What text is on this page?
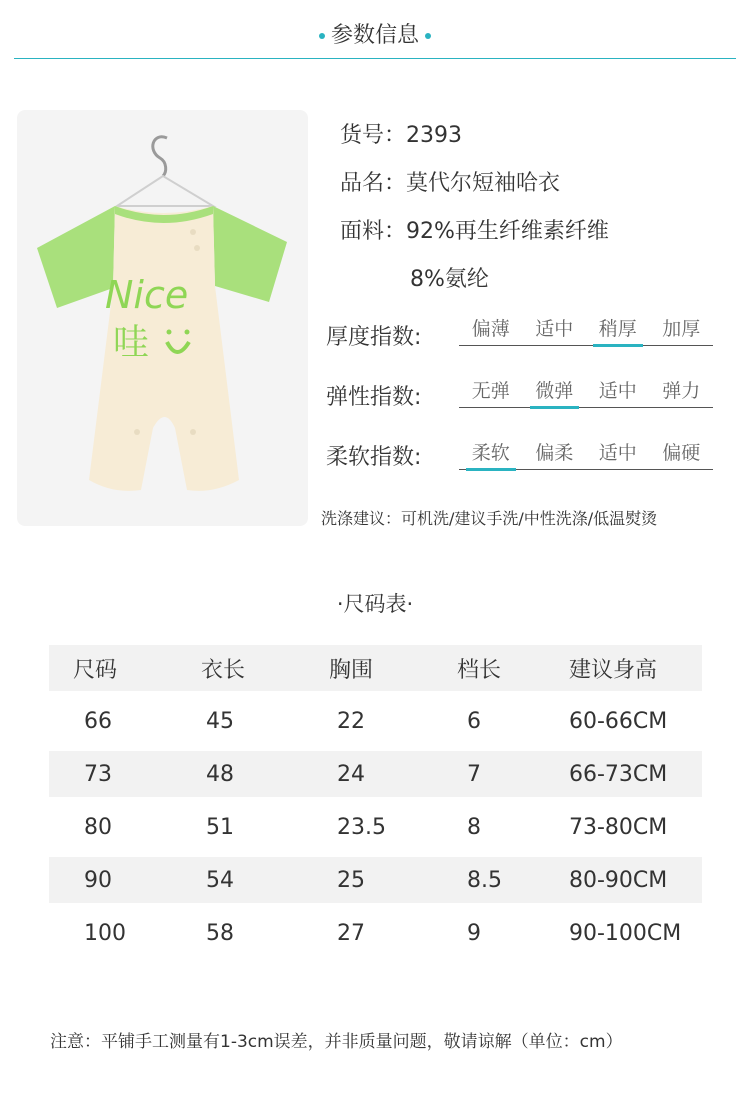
参数信息
Nice
哇
货号：2393
品名：莫代尔短袖哈衣
面料：92%再生纤维素纤维
8%氨纶
厚度指数:	偏薄	适中	稍厚	加厚
弹性指数:	无弹	微弹	适中	弹力
柔软指数:	柔软	偏柔	适中	偏硬
洗涤建议：可机洗/建议手洗/中性洗涤/低温熨烫
·尺码表·
尺码	衣长	胸围	档长	建议身高
66	45	22	6	60-66CM
73	48	24	7	66-73CM
80	51	23.5	8	73-80CM
90	54	25	8.5	80-90CM
100	58	27	9	90-100CM
注意：平铺手工测量有1-3cm误差，并非质量问题，敬请谅解（单位：cm）
